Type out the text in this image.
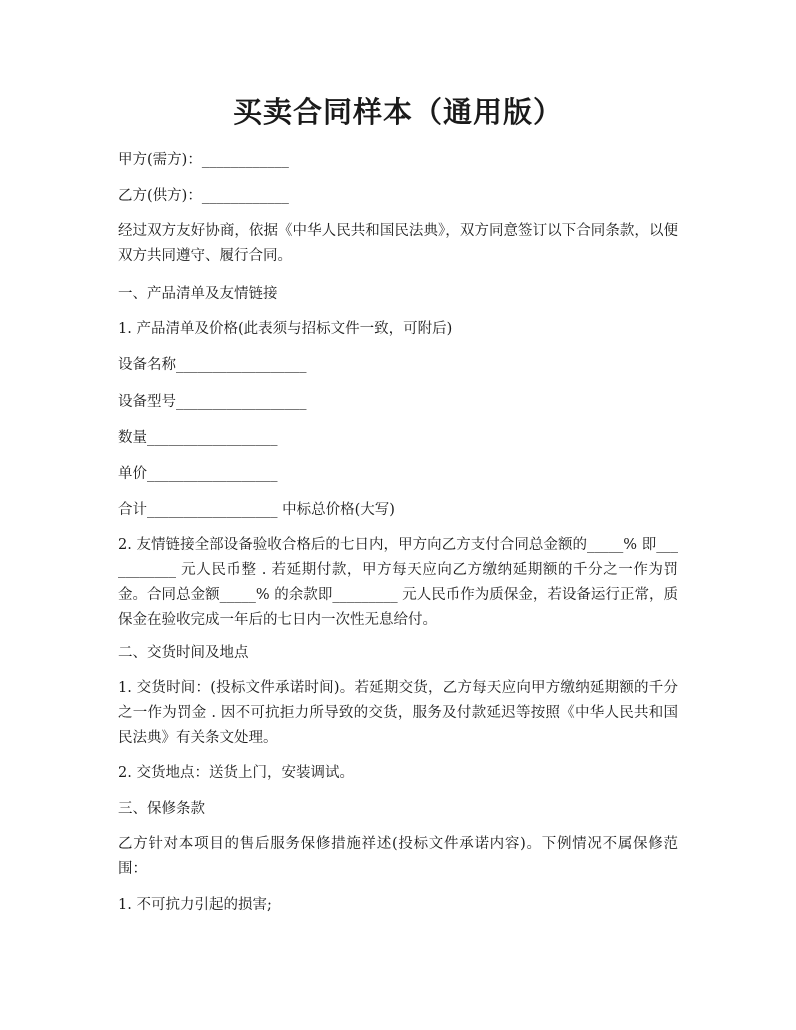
买卖合同样本（通用版）
甲方(需方)：____________
乙方(供方)：____________
经过双方友好协商，依据《中华人民共和国民法典》，双方同意签订以下合同条款，以便双方共同遵守、履行合同。
一、产品清单及友情链接
1. 产品清单及价格(此表须与招标文件一致，可附后)
设备名称__________________
设备型号__________________
数量__________________
单价__________________
合计__________________ 中标总价格(大写)
2. 友情链接全部设备验收合格后的七日内，甲方向乙方支付合同总金额的_____% 即___________ 元人民币整 . 若延期付款，甲方每天应向乙方缴纳延期额的千分之一作为罚金。合同总金额_____% 的余款即_________ 元人民币作为质保金，若设备运行正常，质保金在验收完成一年后的七日内一次性无息给付。
二、交货时间及地点
1. 交货时间：(投标文件承诺时间)。若延期交货，乙方每天应向甲方缴纳延期额的千分之一作为罚金 . 因不可抗拒力所导致的交货，服务及付款延迟等按照《中华人民共和国民法典》有关条文处理。
2. 交货地点：送货上门，安装调试。
三、保修条款
乙方针对本项目的售后服务保修措施祥述(投标文件承诺内容)。下例情况不属保修范围：
1. 不可抗力引起的损害;
